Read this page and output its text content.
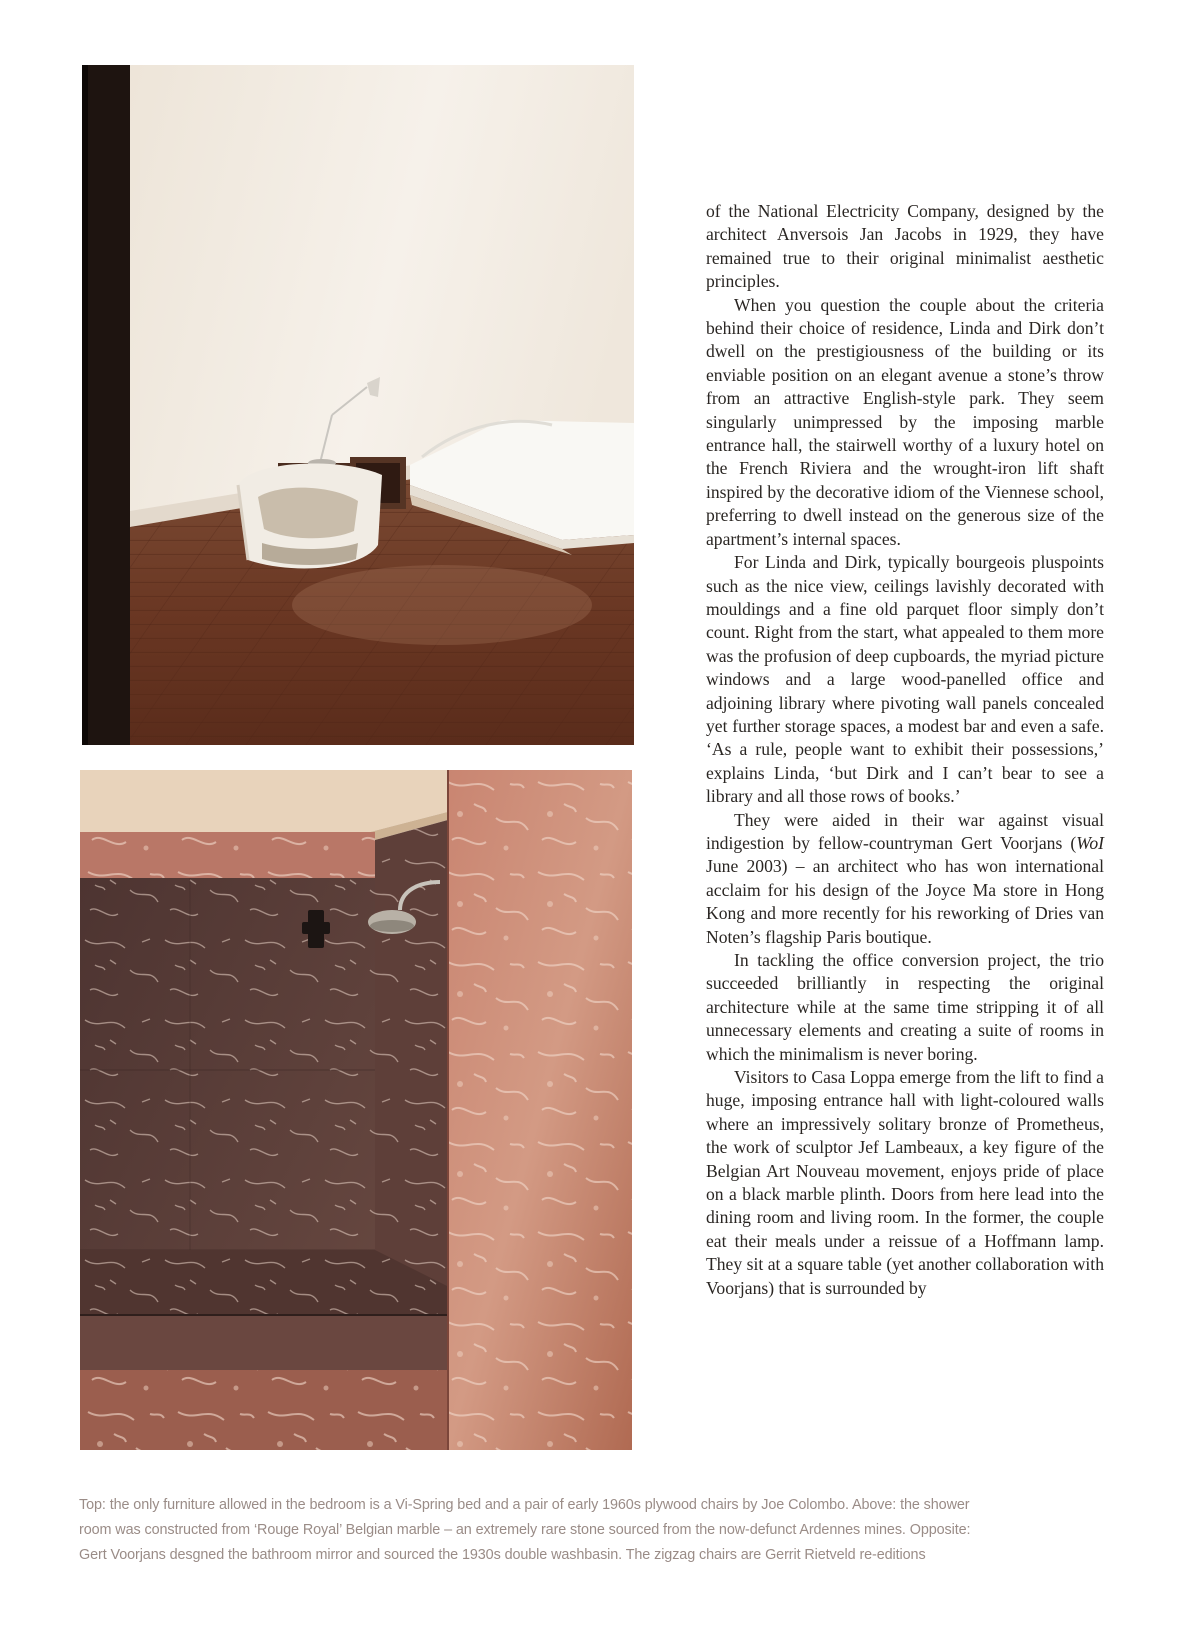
of the National Electricity Company, designed by the architect Anversois Jan Jacobs in 1929, they have remained true to their original minimalist aesthetic principles.

When you question the couple about the criteria behind their choice of residence, Linda and Dirk don’t dwell on the prestigiousness of the building or its enviable position on an elegant avenue a stone’s throw from an attractive English-style park. They seem singularly unimpressed by the imposing marble entrance hall, the stairwell worthy of a luxury hotel on the French Riviera and the wrought-iron lift shaft inspired by the decorative idiom of the Viennese school, preferring to dwell instead on the generous size of the apartment’s internal spaces.

For Linda and Dirk, typically bourgeois pluspoints such as the nice view, ceilings lavishly decorated with mouldings and a fine old parquet floor simply don’t count. Right from the start, what appealed to them more was the profusion of deep cupboards, the myriad picture windows and a large wood-panelled office and adjoining library where pivoting wall panels concealed yet further storage spaces, a modest bar and even a safe. ‘As a rule, people want to exhibit their possessions,’ explains Linda, ‘but Dirk and I can’t bear to see a library and all those rows of books.’

They were aided in their war against visual indigestion by fellow-countryman Gert Voorjans (WoI June 2003) – an architect who has won international acclaim for his design of the Joyce Ma store in Hong Kong and more recently for his reworking of Dries van Noten’s flagship Paris boutique.

In tackling the office conversion project, the trio succeeded brilliantly in respecting the original architecture while at the same time stripping it of all unnecessary elements and creating a suite of rooms in which the minimalism is never boring.

Visitors to Casa Loppa emerge from the lift to find a huge, imposing entrance hall with light-coloured walls where an impressively solitary bronze of Prometheus, the work of sculptor Jef Lambeaux, a key figure of the Belgian Art Nouveau movement, enjoys pride of place on a black marble plinth. Doors from here lead into the dining room and living room. In the former, the couple eat their meals under a reissue of a Hoffmann lamp. They sit at a square table (yet another collaboration with Voorjans) that is surrounded by

Top: the only furniture allowed in the bedroom is a Vi-Spring bed and a pair of early 1960s plywood chairs by Joe Colombo. Above: the shower
room was constructed from ‘Rouge Royal’ Belgian marble – an extremely rare stone sourced from the now-defunct Ardennes mines. Opposite:
Gert Voorjans desgned the bathroom mirror and sourced the 1930s double washbasin. The zigzag chairs are Gerrit Rietveld re-editions
